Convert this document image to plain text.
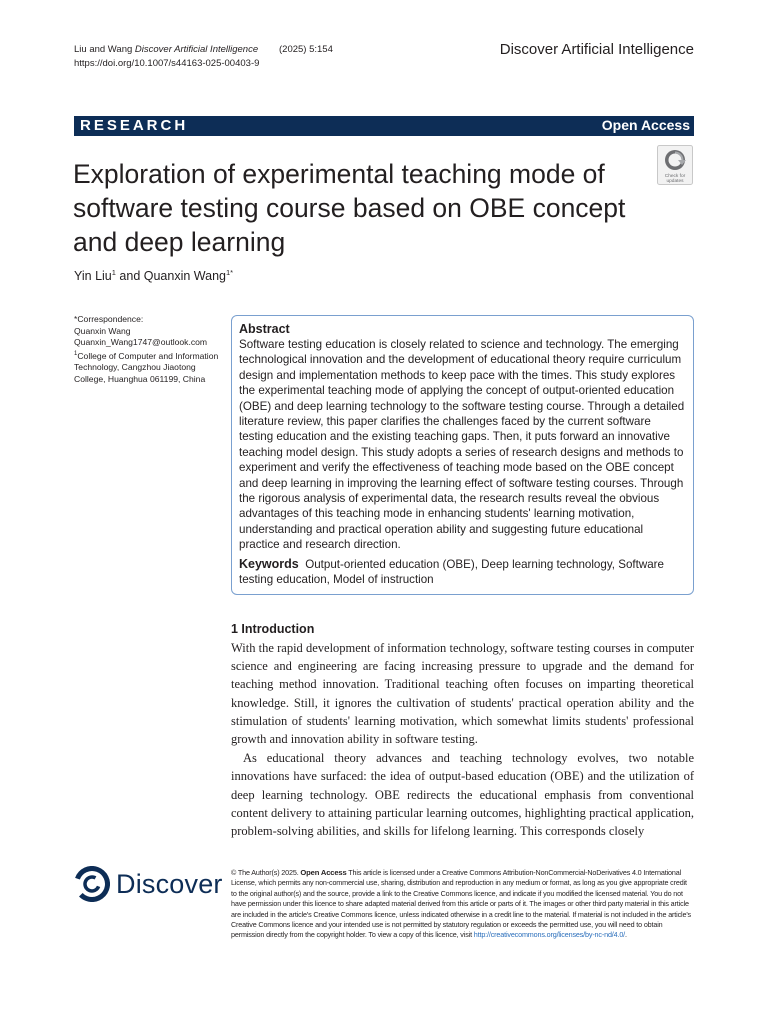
Liu and Wang
Discover Artificial Intelligence (2025) 5:154
https://doi.org/10.1007/s44163-025-00403-9
Discover Artificial Intelligence
RESEARCH	Open Access
Exploration of experimental teaching mode of software testing course based on OBE concept and deep learning
Check for
updates
Yin Liu$^1$ and Quanxin Wang$^{1*}$
*Correspondence:
Quanxin Wang
Quanxin_Wang1747@outlook.com
$^1$College of Computer and Information Technology, Cangzhou Jiaotong College, Huanghua 061199, China
Abstract
Software testing education is closely related to science and technology. The emerging technological innovation and the development of educational theory require curriculum design and implementation methods to keep pace with the times. This study explores the experimental teaching mode of applying the concept of output-oriented education (OBE) and deep learning technology to the software testing course. Through a detailed literature review, this paper clarifies the challenges faced by the current software testing education and the existing teaching gaps. Then, it puts forward an innovative teaching model design. This study adopts a series of research designs and methods to experiment and verify the effectiveness of teaching mode based on the OBE concept and deep learning in improving the learning effect of software testing courses. Through the rigorous analysis of experimental data, the research results reveal the obvious advantages of this teaching mode in enhancing students' learning motivation, understanding and practical operation ability and suggesting future educational practice and research direction.
Keywords Output-oriented education (OBE), Deep learning technology, Software testing education, Model of instruction
1 Introduction

With the rapid development of information technology, software testing courses in computer science and engineering are facing increasing pressure to upgrade and the demand for teaching method innovation. Traditional teaching often focuses on imparting theoretical knowledge. Still, it ignores the cultivation of students' practical operation ability and the stimulation of students' learning motivation, which somewhat limits students' professional growth and innovation ability in software testing.

As educational theory advances and teaching technology evolves, two notable innovations have surfaced: the idea of output-based education (OBE) and the utilization of deep learning technology. OBE redirects the educational emphasis from conventional content delivery to attaining particular learning outcomes, highlighting practical application, problem-solving abilities, and skills for lifelong learning. This corresponds closely

Discover © The Author(s) 2025. Open Access This article is licensed under a Creative Commons Attribution-NonCommercial-NoDerivatives 4.0 International License, which permits any non-commercial use, sharing, distribution and reproduction in any medium or format, as long as you give appropriate credit to the original author(s) and the source, provide a link to the Creative Commons licence, and indicate if you modified the licensed material. You do not have permission under this licence to share adapted material derived from this article or parts of it. The images or other third party material in this article are included in the article's Creative Commons licence, unless indicated otherwise in a credit line to the material. If material is not included in the article's Creative Commons licence and your intended use is not permitted by statutory regulation or exceeds the permitted use, you will need to obtain permission directly from the copyright holder. To view a copy of this licence, visit http://creativecommons.org/licenses/by-nc-nd/4.0/.
